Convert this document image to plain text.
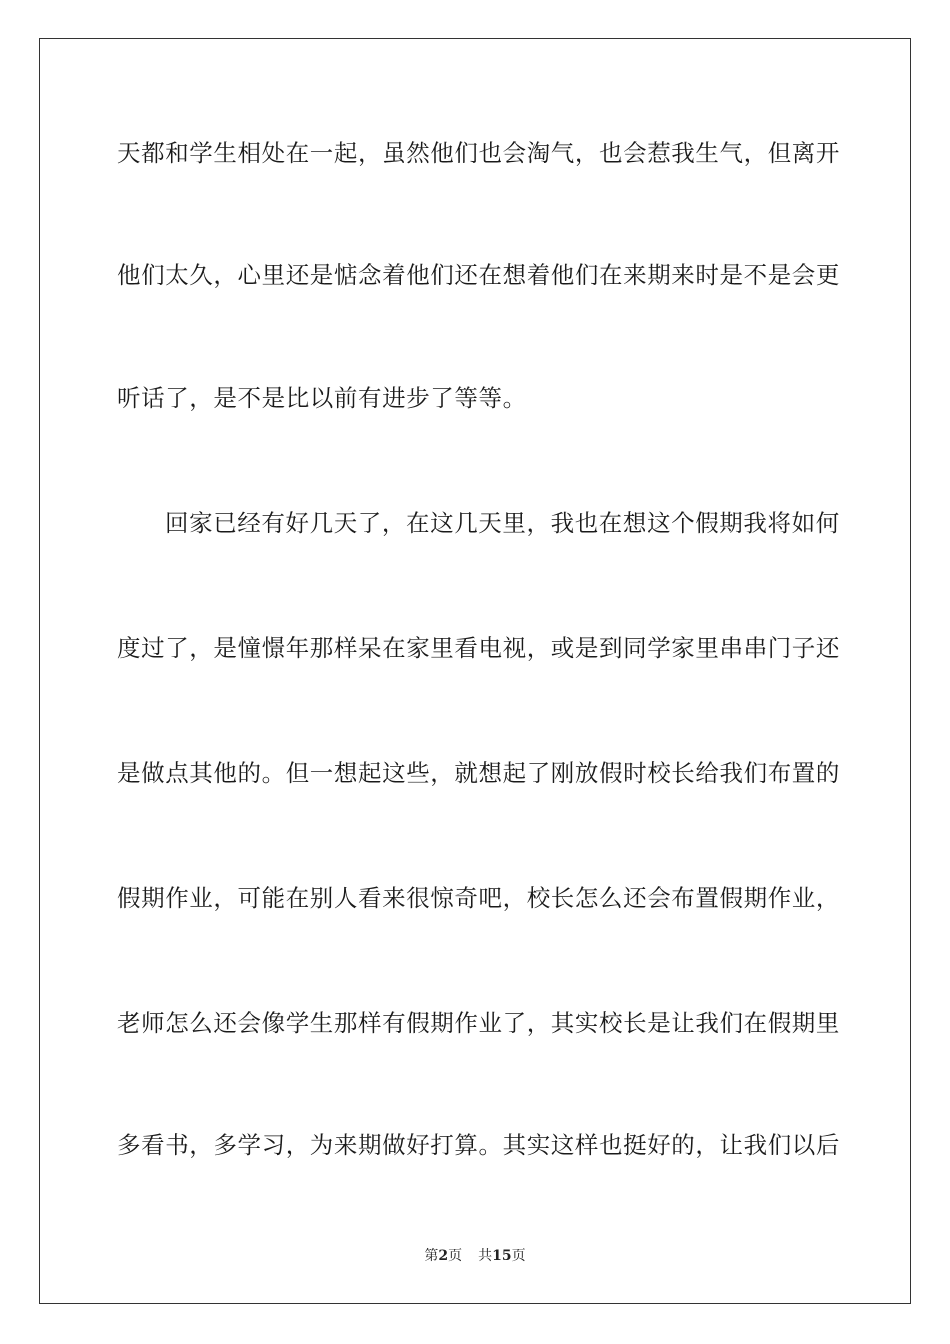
天都和学生相处在一起，虽然他们也会淘气，也会惹我生气，但离开
他们太久，心里还是惦念着他们还在想着他们在来期来时是不是会更
听话了，是不是比以前有进步了等等。
回家已经有好几天了，在这几天里，我也在想这个假期我将如何
度过了，是憧憬年那样呆在家里看电视，或是到同学家里串串门子还
是做点其他的。但一想起这些，就想起了刚放假时校长给我们布置的
假期作业，可能在别人看来很惊奇吧，校长怎么还会布置假期作业，
老师怎么还会像学生那样有假期作业了，其实校长是让我们在假期里
多看书，多学习，为来期做好打算。其实这样也挺好的，让我们以后
第2页 共15页
